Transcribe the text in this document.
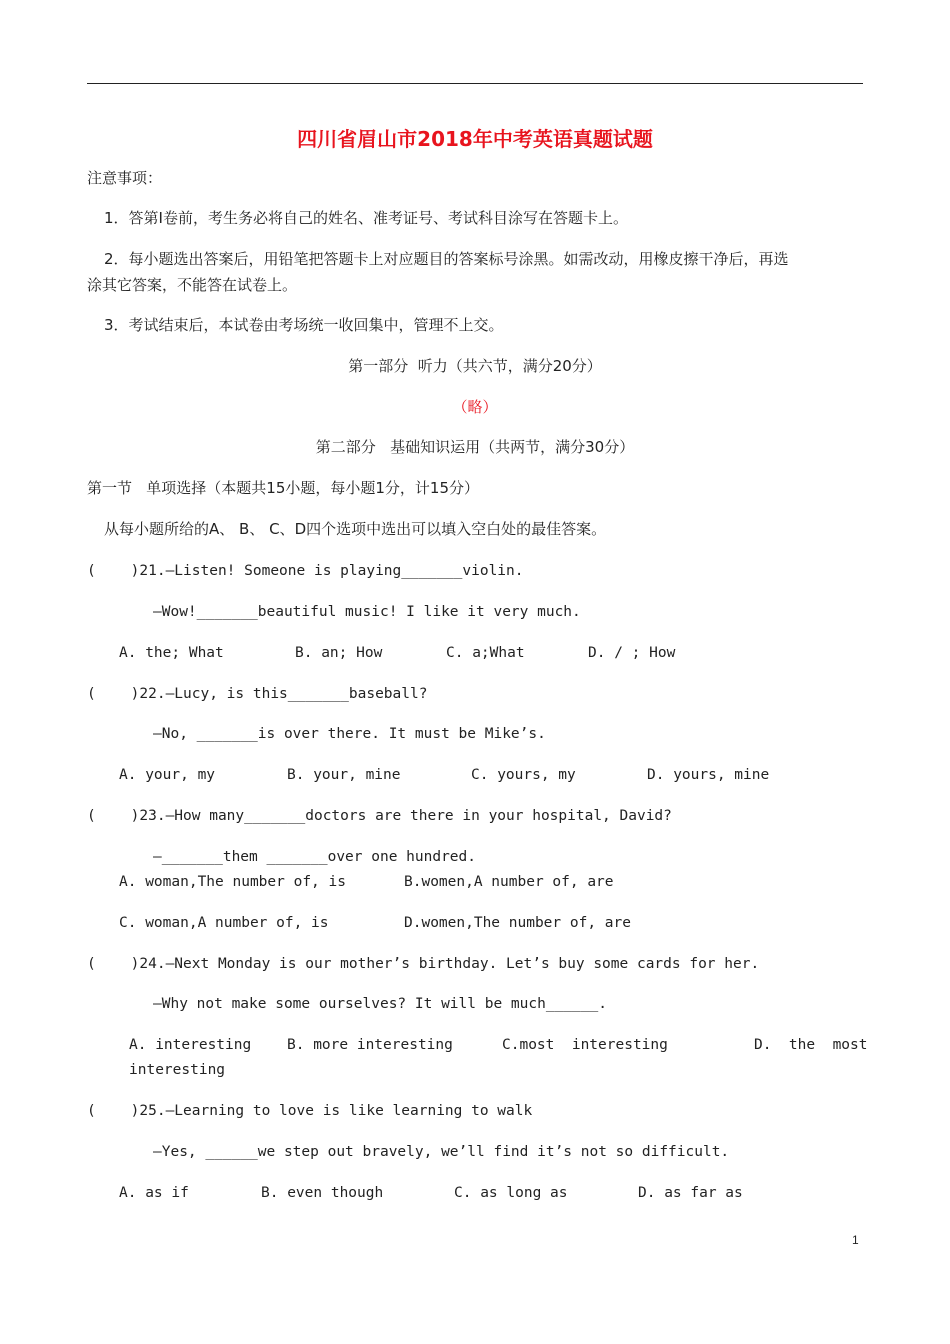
四川省眉山市2018年中考英语真题试题
注意事项：
1．答第Ⅰ卷前，考生务必将自己的姓名、准考证号、考试科目涂写在答题卡上。
2．每小题选出答案后，用铅笔把答题卡上对应题目的答案标号涂黑。如需改动，用橡皮擦干净后，再选
涂其它答案，不能答在试卷上。
3．考试结束后，本试卷由考场统一收回集中，管理不上交。
第一部分  听力（共六节，满分20分）
（略）
第二部分   基础知识运用（共两节，满分30分）
第一节   单项选择（本题共15小题，每小题1分，计15分）
从每小题所给的A、 B、 C、D四个选项中选出可以填入空白处的最佳答案。
(    )21.—Listen! Someone is playing_______violin.
—Wow!_______beautiful music! I like it very much.
A. the; What	B. an; How	C. a;What	D. / ; How
(    )22.—Lucy, is this_______baseball?
—No, _______is over there. It must be Mike’s.
A. your, my	B. your, mine	C. yours, my	D. yours, mine
(    )23.—How many_______doctors are there in your hospital, David?
—_______them _______over one hundred.
A. woman,The number of, is	B.women,A number of, are
C. woman,A number of, is	D.women,The number of, are
(    )24.—Next Monday is our mother’s birthday. Let’s buy some cards for her.
—Why not make some ourselves? It will be much______.
A. interesting B. more interesting	C.most  interesting	D.  the  most
interesting
(    )25.—Learning to love is like learning to walk
—Yes, ______we step out bravely, we’ll find it’s not so difficult.
A. as if	B. even though	C. as long as	D. as far as
1
